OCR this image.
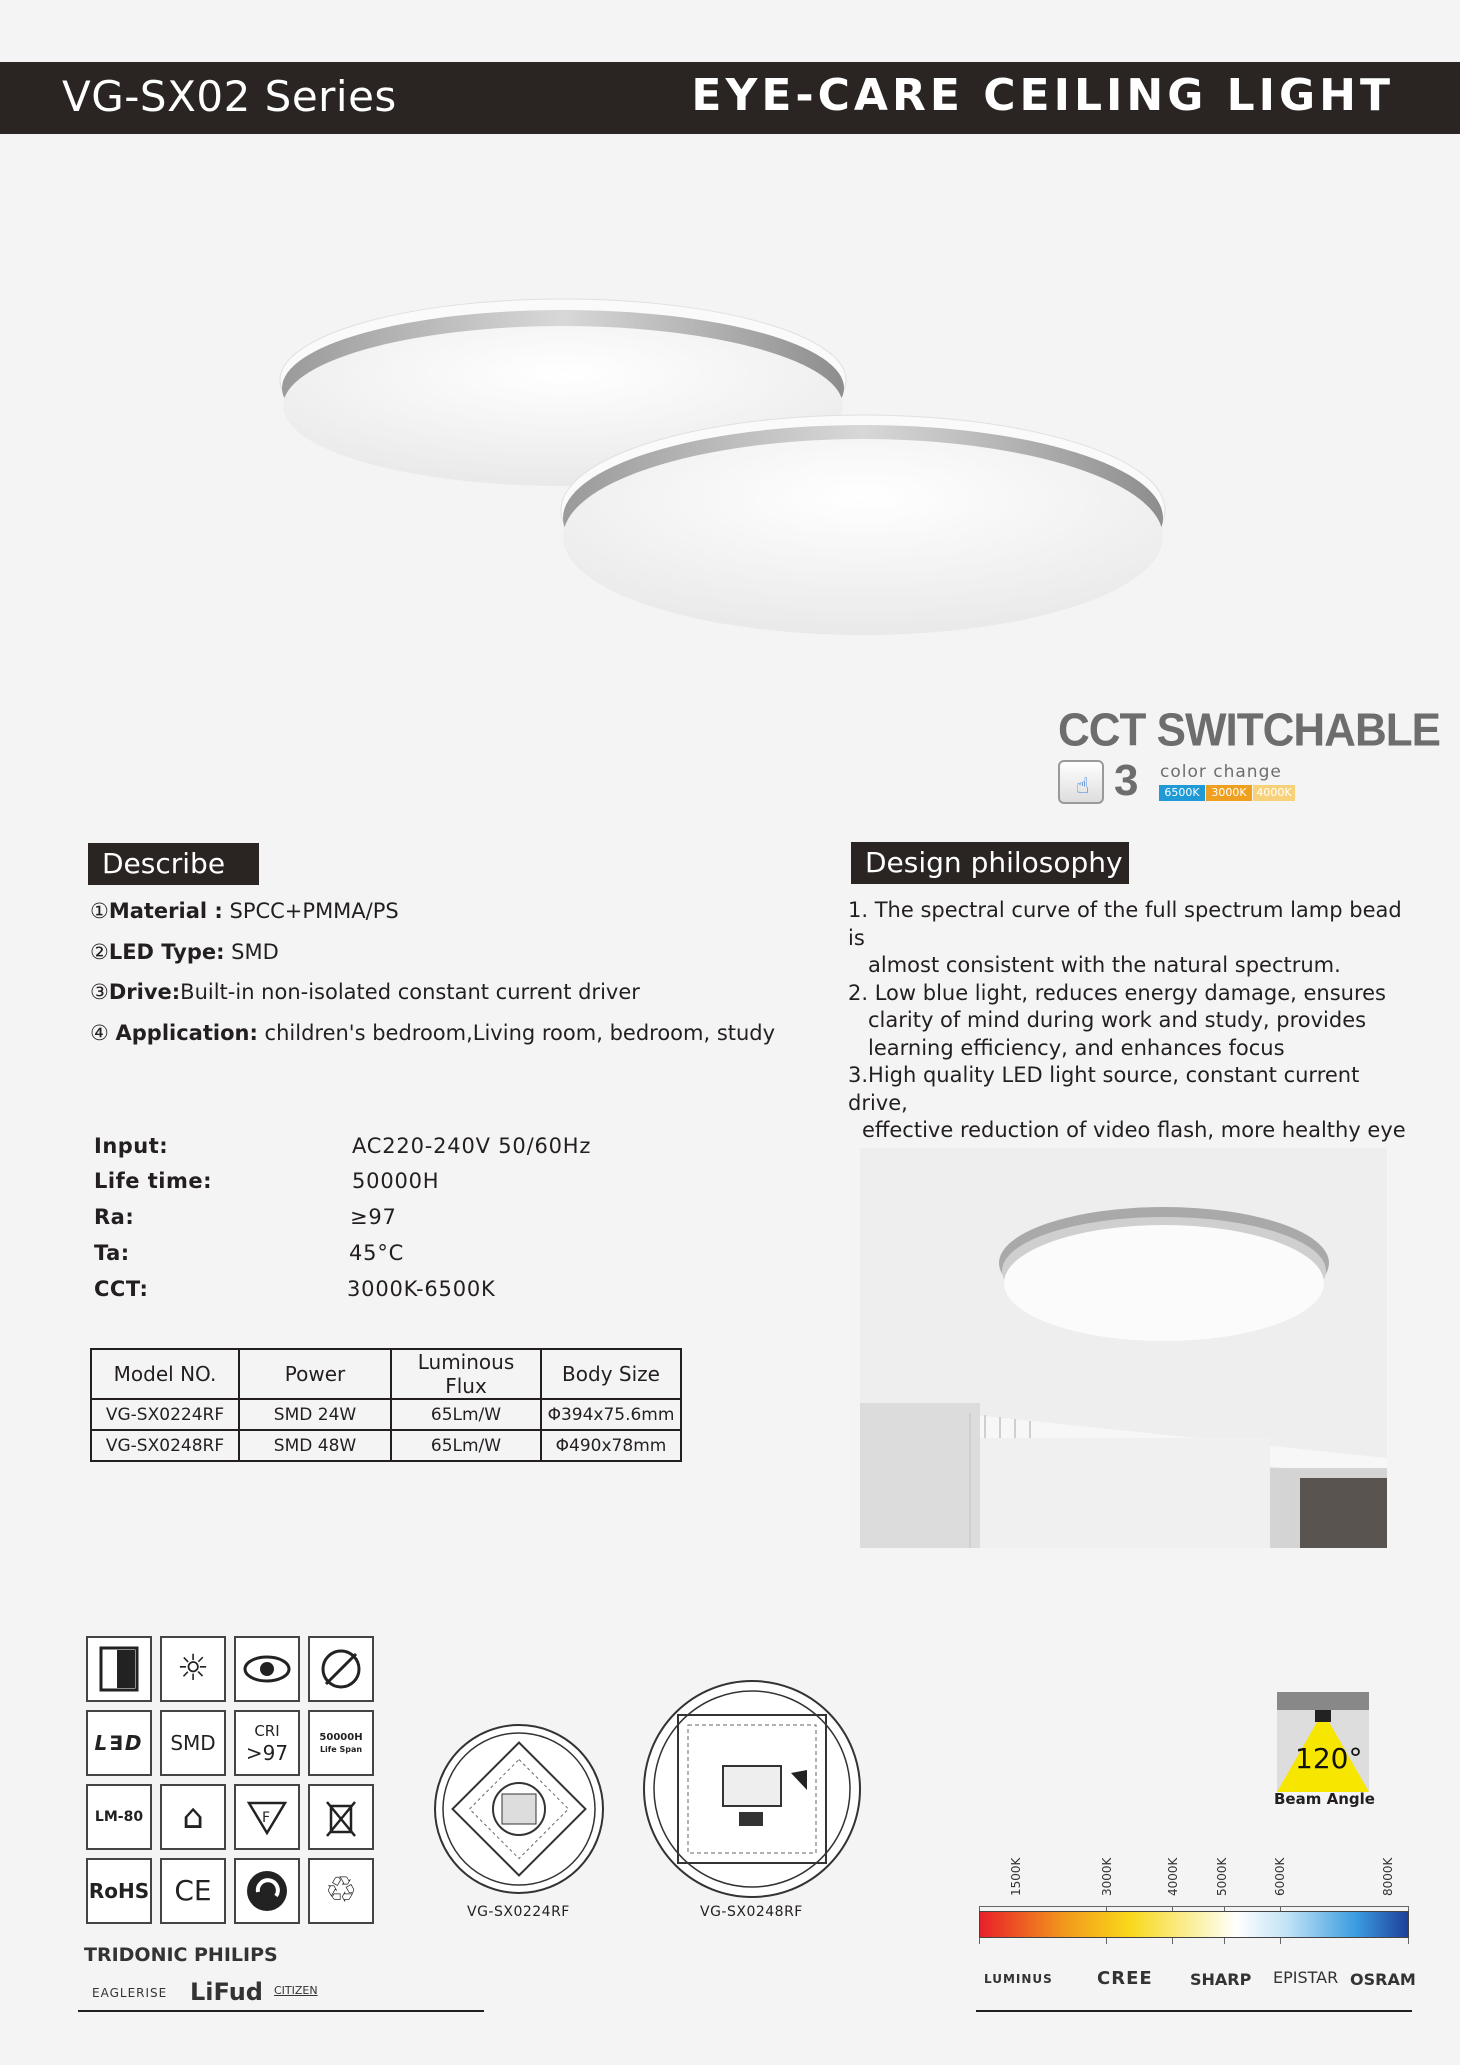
VG-SX02 Series	EYE-CARE CEILING LIGHT
CCT SWITCHABLE
☝ 3 color change
6500K	3000K 4000K
Describe
①Material : SPCC+PMMA/PS
②LED Type: SMD
③Drive:Built-in non-isolated constant current driver
④ Application: children's bedroom,Living room, bedroom, study
Design philosophy

1. The spectral curve of the full spectrum lamp bead is

almost consistent with the natural spectrum.

2. Low blue light, reduces energy damage, ensures

clarity of mind during work and study, provides

learning efficiency, and enhances focus

3.High quality LED light source, constant current drive,

effective reduction of video flash, more healthy eye

Input:	AC220-240V 50/60Hz
Life time:	50000H
Ra:	≥97
Ta:	45°C
CCT:	3000K-6500K
Model NO.	Power	Luminous Flux	Body Size
VG-SX0224RF	SMD 24W	65Lm/W	Φ394x75.6mm
VG-SX0248RF	SMD 48W	65Lm/W	Φ490x78mm
☼
L∃D	SMD
CRI
>97
50000H
Life Span
LM-80 ⌂	F
RoHS CE	♲
VG-SX0224RF	VG-SX0248RF
120°
Beam Angle
1500K	3000K	4000K	5000K	6000K	8000K
TRIDONIC PHILIPS
EAGLERISE LiFud CITIZEN
LUMINUS CREE SHARP EPISTAR OSRAM
